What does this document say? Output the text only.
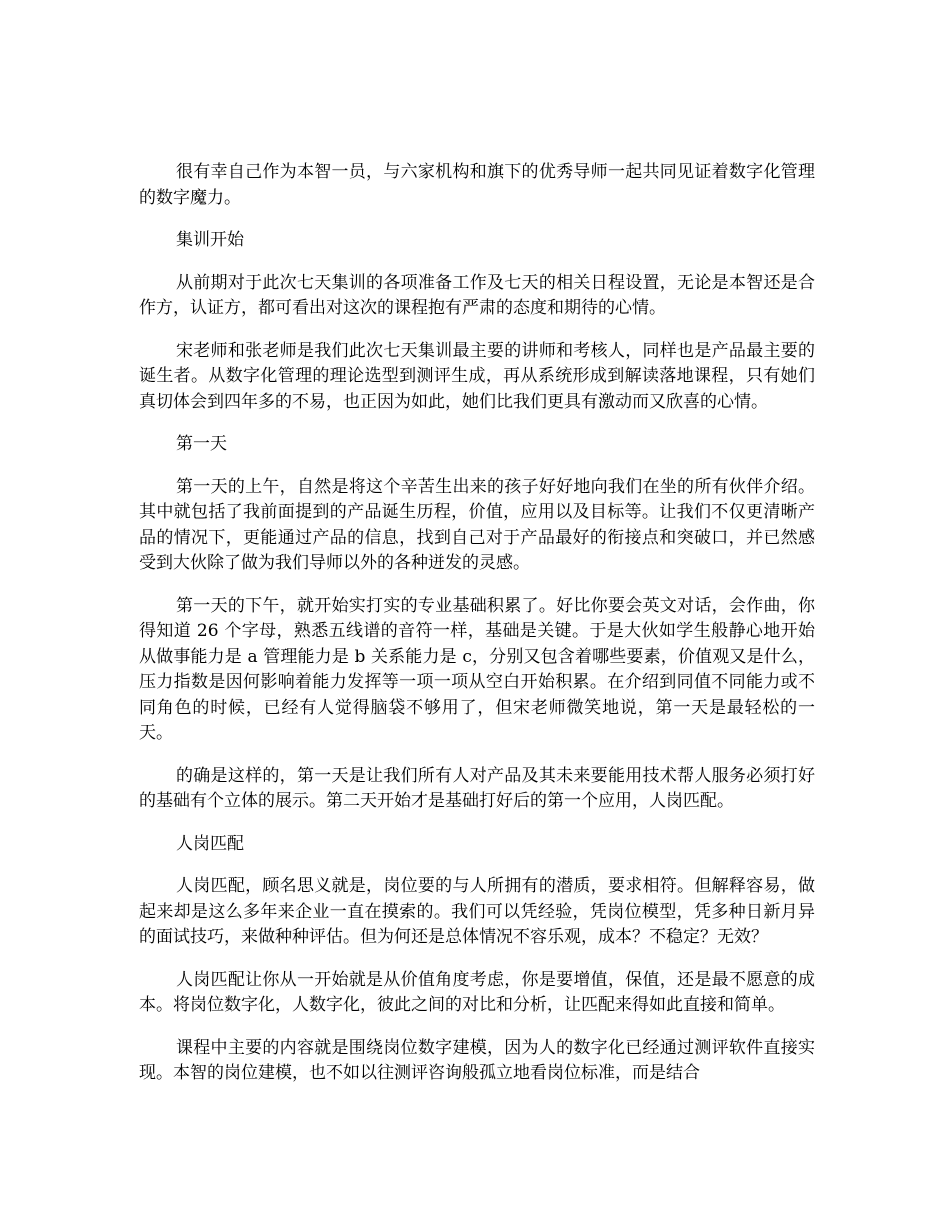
很有幸自己作为本智一员，与六家机构和旗下的优秀导师一起共同见证着数字化管理的数字魔力。

集训开始

从前期对于此次七天集训的各项准备工作及七天的相关日程设置，无论是本智还是合作方，认证方，都可看出对这次的课程抱有严肃的态度和期待的心情。

宋老师和张老师是我们此次七天集训最主要的讲师和考核人，同样也是产品最主要的诞生者。从数字化管理的理论选型到测评生成，再从系统形成到解读落地课程，只有她们真切体会到四年多的不易，也正因为如此，她们比我们更具有激动而又欣喜的心情。

第一天

第一天的上午，自然是将这个辛苦生出来的孩子好好地向我们在坐的所有伙伴介绍。其中就包括了我前面提到的产品诞生历程，价值，应用以及目标等。让我们不仅更清晰产品的情况下，更能通过产品的信息，找到自己对于产品最好的衔接点和突破口，并已然感受到大伙除了做为我们导师以外的各种迸发的灵感。

第一天的下午，就开始实打实的专业基础积累了。好比你要会英文对话，会作曲，你得知道 26 个字母，熟悉五线谱的音符一样，基础是关键。于是大伙如学生般静心地开始从做事能力是 a 管理能力是 b 关系能力是 c，分别又包含着哪些要素，价值观又是什么，压力指数是因何影响着能力发挥等一项一项从空白开始积累。在介绍到同值不同能力或不同角色的时候，已经有人觉得脑袋不够用了，但宋老师微笑地说，第一天是最轻松的一天。

的确是这样的，第一天是让我们所有人对产品及其未来要能用技术帮人服务必须打好的基础有个立体的展示。第二天开始才是基础打好后的第一个应用，人岗匹配。

人岗匹配

人岗匹配，顾名思义就是，岗位要的与人所拥有的潜质，要求相符。但解释容易，做起来却是这么多年来企业一直在摸索的。我们可以凭经验，凭岗位模型，凭多种日新月异的面试技巧，来做种种评估。但为何还是总体情况不容乐观，成本？不稳定？无效？

人岗匹配让你从一开始就是从价值角度考虑，你是要增值，保值，还是最不愿意的成本。将岗位数字化，人数字化，彼此之间的对比和分析，让匹配来得如此直接和简单。

课程中主要的内容就是围绕岗位数字建模，因为人的数字化已经通过测评软件直接实现。本智的岗位建模，也不如以往测评咨询般孤立地看岗位标准，而是结合
